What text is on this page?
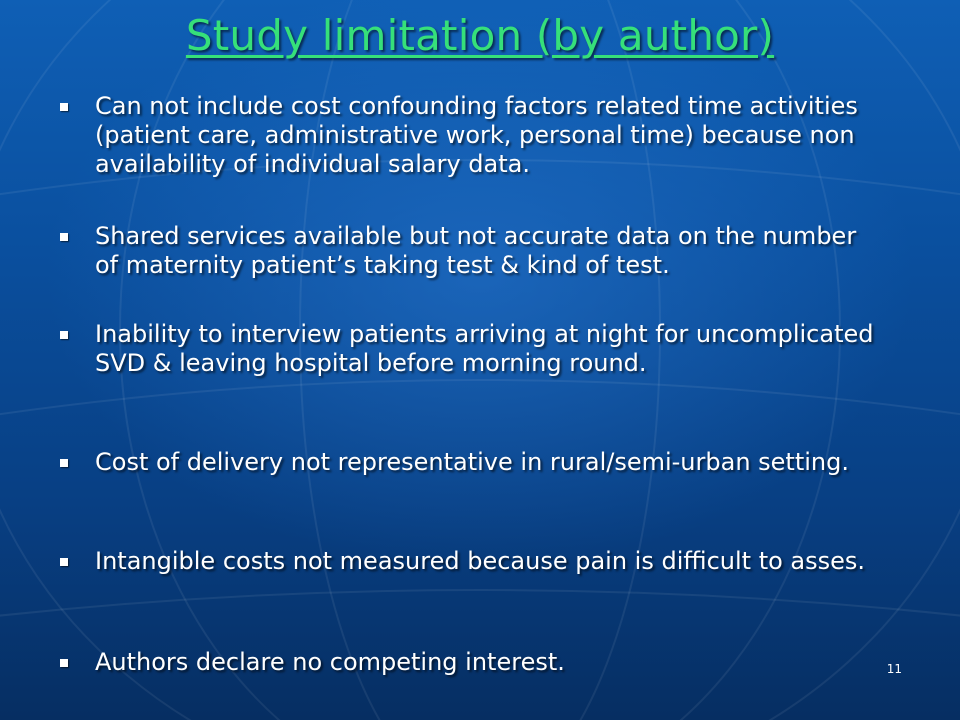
Study limitation (by author)
Can not include cost confounding factors related time activities (patient care, administrative work, personal time) because non availability of individual salary data.
Shared services available but not accurate data on the number of maternity patient’s taking test & kind of test.
Inability to interview patients arriving at night for uncomplicated SVD & leaving hospital before morning round.
Cost of delivery not representative in rural/semi-urban setting.
Intangible costs not measured because pain is difficult to asses.
Authors declare no competing interest.	11
